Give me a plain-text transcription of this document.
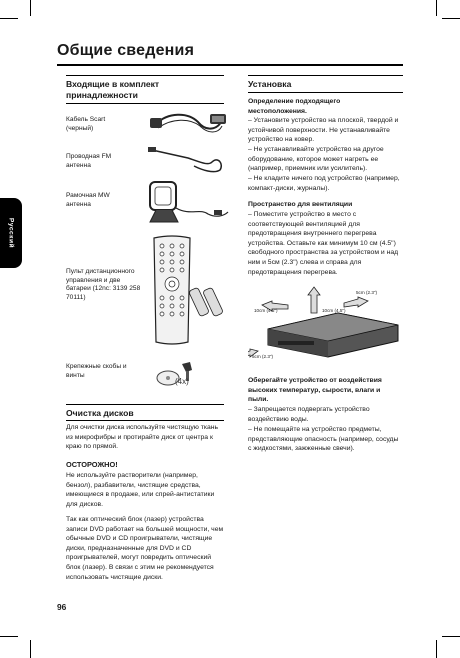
Общие сведения
Русский
Входящие в комплект принадлежности
Кабель Scart (черный)
Проводная FM антенна
Рамочная MW антенна
Пульт дистанционного управления и две батареи (12nc: 3139 258 70111)
Крепежные скобы и винты
(4x)
Очистка дисков
Для очистки диска используйте чистящую ткань из микрофибры и протирайте диск от центра к краю по прямой.
ОСТОРОЖНО!
Не используйте растворители (например, бензол), разбавители, чистящие средства, имеющиеся в продаже, или спрей-антистатики для дисков.
Так как оптический блок (лазер) устройства записи DVD работает на большей мощности, чем обычные DVD и CD проигрыватели, чистящие диски, предназначенные для DVD и CD проигрывателей, могут повредить оптический блок (лазер). В связи с этим не рекомендуется использовать чистящие диски.
Установка
Определение подходящего местоположения.
– Установите устройство на плоской, твердой и устойчивой поверхности. Не устанавливайте устройство на ковер.
– Не устанавливайте устройство на другое оборудование, которое может нагреть ее (например, приемник или усилитель).
– Не кладите ничего под устройство (например, компакт-диски, журналы).
Пространство для вентиляции
– Поместите устройство в место с соответствующей вентиляцией для предотвращения внутреннего перегрева устройства. Оставьте как минимум 10 см (4.5") свободного пространства за устройством и над ним и 5см (2.3") слева и справа для предотвращения перегрева.
5cm (2.3")
10cm (4.5")	10cm (4.5")
5cm (2.3")
Оберегайте устройство от воздействия высоких температур, сырости, влаги и пыли.
– Запрещается подвергать устройство воздействию воды.
– Не помещайте на устройство предметы, представляющие опасность (например, сосуды с жидкостями, зажженные свечи).
96
